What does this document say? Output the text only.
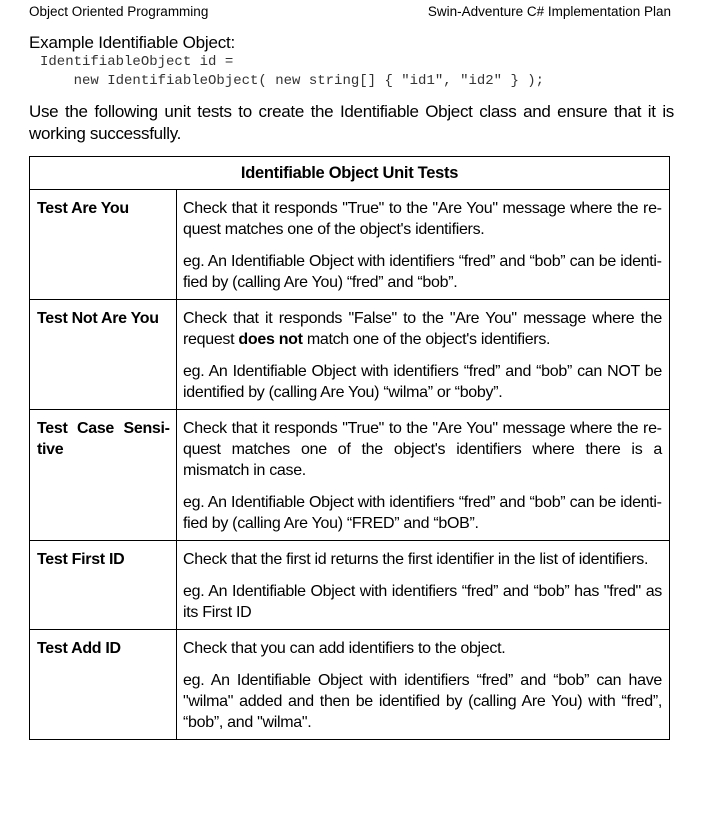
Object Oriented Programming	Swin-Adventure C# Implementation Plan
Example Identifiable Object:
IdentifiableObject id =
new IdentifiableObject( new string[] { "id1", "id2" } );
Use the following unit tests to create the Identifiable Object class and ensure that it is working successfully.
Identifiable Object Unit Tests	
Test Are You	Check that it responds "True" to the "Are You" message where the request matches one of the object's identifiers.

eg. An Identifiable Object with identifiers “fred” and “bob” can be identified by (calling Are You) “fred” and “bob”.

Test Not Are You	Check that it responds "False" to the "Are You" message where the request does not match one of the object's identifiers.

eg. An Identifiable Object with identifiers “fred” and “bob” can NOT be identified by (calling Are You) “wilma” or “boby”.

Test Case Sensitive	Check that it responds "True" to the "Are You" message where the request matches one of the object's identifiers where there is a mismatch in case.

eg. An Identifiable Object with identifiers “fred” and “bob” can be identified by (calling Are You) “FRED” and “bOB”.

Test First ID	Check that the first id returns the first identifier in the list of identifiers.

eg. An Identifiable Object with identifiers “fred” and “bob” has "fred" as its First ID

Test Add ID	Check that you can add identifiers to the object.

eg. An Identifiable Object with identifiers “fred” and “bob” can have "wilma" added and then be identified by (calling Are You) with “fred”, “bob”, and "wilma".
